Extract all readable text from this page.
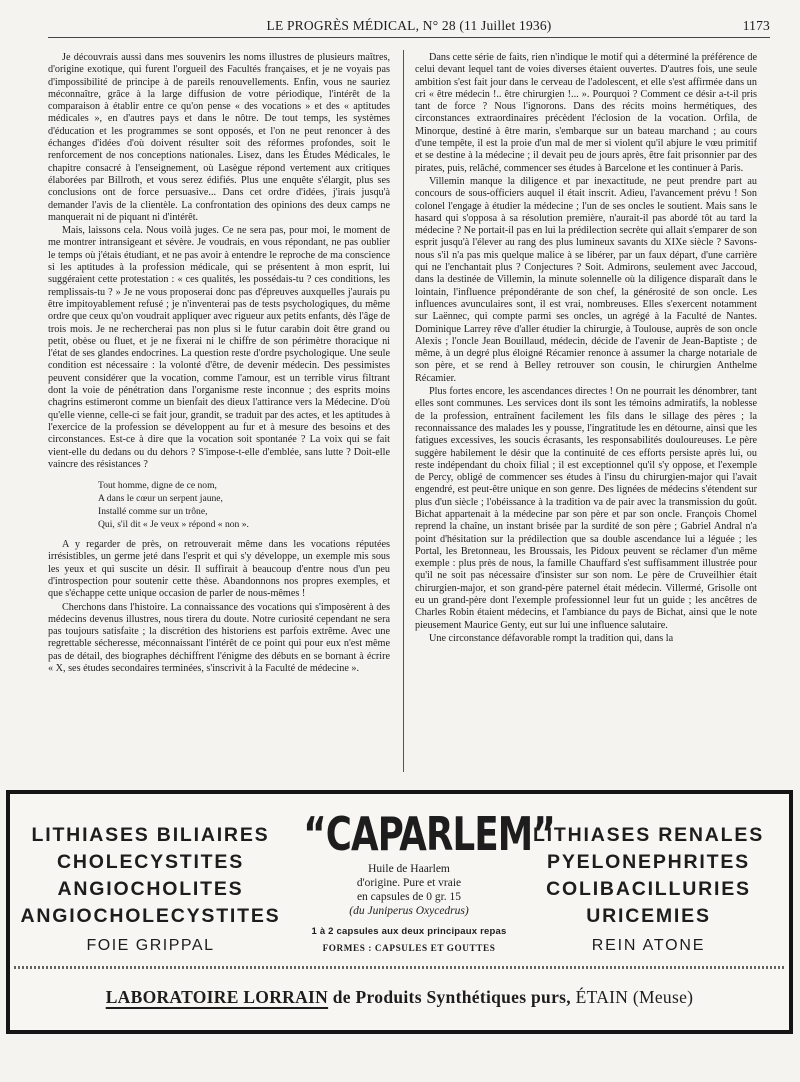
LE PROGRÈS MÉDICAL, N° 28 (11 Juillet 1936)	1173

Je découvrais aussi dans mes souvenirs les noms illustres de plusieurs maîtres, d'origine exotique, qui furent l'orgueil des Facultés françaises, et je ne voyais pas d'impossibilité de principe à de pareils renouvellements. Enfin, vous ne sauriez méconnaître, grâce à la large diffusion de votre périodique, l'intérêt de la comparaison à établir entre ce qu'on pense « des vocations » et des « aptitudes médicales », en d'autres pays et dans le nôtre. De tout temps, les systèmes d'éducation et les programmes se sont opposés, et l'on ne peut renoncer à des échanges d'idées d'où doivent résulter soit des réformes profondes, soit le renforcement de nos conceptions nationales. Lisez, dans les Études Médicales, le chapitre consacré à l'enseignement, où Lasègue répond vertement aux critiques élaborées par Billroth, et vous serez édifiés. Plus une enquête s'élargit, plus ses conclusions ont de force persuasive... Dans cet ordre d'idées, j'irais jusqu'à demander l'avis de la clientèle. La confrontation des opinions des deux camps ne manquerait ni de piquant ni d'intérêt.

Mais, laissons cela. Nous voilà juges. Ce ne sera pas, pour moi, le moment de me montrer intransigeant et sévère. Je voudrais, en vous répondant, ne pas oublier le temps où j'étais étudiant, et ne pas avoir à entendre le reproche de ma conscience si les aptitudes à la profession médicale, qui se présentent à mon esprit, lui suggéraient cette protestation : « ces qualités, les possédais-tu ? ces conditions, les remplissais-tu ? » Je ne vous proposerai donc pas d'épreuves auxquelles j'aurais pu être impitoyablement refusé ; je n'inventerai pas de tests psychologiques, du même ordre que ceux qu'on voudrait appliquer avec rigueur aux petits enfants, dès l'âge de trois mois. Je ne rechercherai pas non plus si le futur carabin doit être grand ou petit, obèse ou fluet, et je ne fixerai ni le chiffre de son périmètre thoracique ni l'état de ses glandes endocrines. La question reste d'ordre psychologique. Une seule condition est nécessaire : la volonté d'être, de devenir médecin. Des pessimistes peuvent considérer que la vocation, comme l'amour, est un terrible virus filtrant dont la voie de pénétration dans l'organisme reste inconnue ; des esprits moins chagrins estimeront comme un bienfait des dieux l'attirance vers la Médecine. D'où qu'elle vienne, celle-ci se fait jour, grandit, se traduit par des actes, et les aptitudes à l'exercice de la profession se développent au fur et à mesure des besoins et des circonstances. Est-ce à dire que la vocation soit spontanée ? La voix qui se fait vient-elle du dedans ou du dehors ? S'impose-t-elle d'emblée, sans lutte ? Doit-elle vaincre des résistances ?

Tout homme, digne de ce nom,
A dans le cœur un serpent jaune,
Installé comme sur un trône,
Qui, s'il dit « Je veux » répond « non ».

A y regarder de près, on retrouverait même dans les vocations réputées irrésistibles, un germe jeté dans l'esprit et qui s'y développe, un exemple mis sous les yeux et qui suscite un désir. Il suffirait à beaucoup d'entre nous d'un peu d'introspection pour soutenir cette thèse. Abandonnons nos propres exemples, et que s'échappe cette unique occasion de parler de nous-mêmes !

Cherchons dans l'histoire. La connaissance des vocations qui s'imposèrent à des médecins devenus illustres, nous tirera du doute. Notre curiosité cependant ne sera pas toujours satisfaite ; la discrétion des historiens est parfois extrême. Avec une regrettable sécheresse, méconnaissant l'intérêt de ce point qui pour eux n'est même pas de détail, des biographes déchiffrent l'énigme des débuts en se bornant à écrire « X, ses études secondaires terminées, s'inscrivit à la Faculté de médecine ».

Dans cette série de faits, rien n'indique le motif qui a déterminé la préférence de celui devant lequel tant de voies diverses étaient ouvertes. D'autres fois, une seule ambition s'est fait jour dans le cerveau de l'adolescent, et elle s'est affirmée dans un cri « être médecin !.. être chirurgien !... ». Pourquoi ? Comment ce désir a-t-il pris tant de force ? Nous l'ignorons. Dans des récits moins hermétiques, des circonstances extraordinaires précèdent l'éclosion de la vocation. Orfila, de Minorque, destiné à être marin, s'embarque sur un bateau marchand ; au cours d'une tempête, il est la proie d'un mal de mer si violent qu'il abjure le vœu primitif et se destine à la médecine ; il devait peu de jours après, être fait prisonnier par des pirates, puis, relâché, commencer ses études à Barcelone et les continuer à Paris.

Villemin manque la diligence et par inexactitude, ne peut prendre part au concours de sous-officiers auquel il était inscrit. Adieu, l'avancement prévu ! Son colonel l'engage à étudier la médecine ; l'un de ses oncles le soutient. Mais sans le hasard qui s'opposa à sa résolution première, n'aurait-il pas abordé tôt au tard la médecine ? Ne portait-il pas en lui la prédilection secrète qui allait s'emparer de son esprit jusqu'à l'élever au rang des plus lumineux savants du XIXe siècle ? Savons-nous s'il n'a pas mis quelque malice à se libérer, par un faux départ, d'une carrière qui ne l'enchantait plus ? Conjectures ? Soit. Admirons, seulement avec Jaccoud, dans la destinée de Villemin, la minute solennelle où la diligence disparaît dans le lointain, l'influence prépondérante de son chef, la générosité de son oncle. Les influences avunculaires sont, il est vrai, nombreuses. Elles s'exercent notamment sur Laënnec, qui compte parmi ses oncles, un agrégé à la Faculté de Nantes. Dominique Larrey rêve d'aller étudier la chirurgie, à Toulouse, auprès de son oncle Alexis ; l'oncle Jean Bouillaud, médecin, décide de l'avenir de Jean-Baptiste ; de même, à un degré plus éloigné Récamier renonce à assumer la charge notariale de son père, et se rend à Belley retrouver son cousin, le chirurgien Anthelme Récamier.

Plus fortes encore, les ascendances directes ! On ne pourrait les dénombrer, tant elles sont communes. Les services dont ils sont les témoins admiratifs, la noblesse de la profession, entraînent facilement les fils dans le sillage des pères ; la reconnaissance des malades les y pousse, l'ingratitude les en détourne, ainsi que les fatigues excessives, les soucis écrasants, les responsabilités douloureuses. Le père suggère habilement le désir que la continuité de ces efforts persiste après lui, ou reste indépendant du choix filial ; il est exceptionnel qu'il s'y oppose, et l'exemple de Percy, obligé de commencer ses études à l'insu du chirurgien-major qui l'avait engendré, est peut-être unique en son genre. Des lignées de médecins s'étendent sur plus d'un siècle ; l'obéissance à la tradition va de pair avec la transmission du goût. Bichat appartenait à la médecine par son père et par son oncle. François Chomel reprend la chaîne, un instant brisée par la surdité de son père ; Gabriel Andral n'a point d'hésitation sur la prédilection que sa double ascendance lui a léguée ; les Portal, les Bretonneau, les Broussais, les Pidoux peuvent se réclamer d'un même exemple : plus près de nous, la famille Chauffard s'est suffisamment illustrée pour qu'il ne soit pas nécessaire d'insister sur son nom. Le père de Cruveilhier était chirurgien-major, et son grand-père paternel était médecin. Villermé, Grisolle ont eu un grand-père dont l'exemple professionnel leur fut un guide ; les ancêtres de Charles Robin étaient médecins, et l'ambiance du pays de Bichat, ainsi que le note pieusement Maurice Genty, eut sur lui une influence salutaire.

Une circonstance défavorable rompt la tradition qui, dans la

LITHIASES BILIAIRES
CHOLECYSTITES
ANGIOCHOLITES
ANGIOCHOLECYSTITES
FOIE GRIPPAL
“CAPARLEM”
Huile de Haarlem
d'origine. Pure et vraie
en capsules de 0 gr. 15
(du Juniperus Oxycedrus)
1 à 2 capsules aux deux principaux repas
FORMES : CAPSULES ET GOUTTES
LITHIASES RENALES
PYELONEPHRITES
COLIBACILLURIES
URICEMIES
REIN ATONE
LABORATOIRE LORRAIN de Produits Synthétiques purs, ÉTAIN (Meuse)
